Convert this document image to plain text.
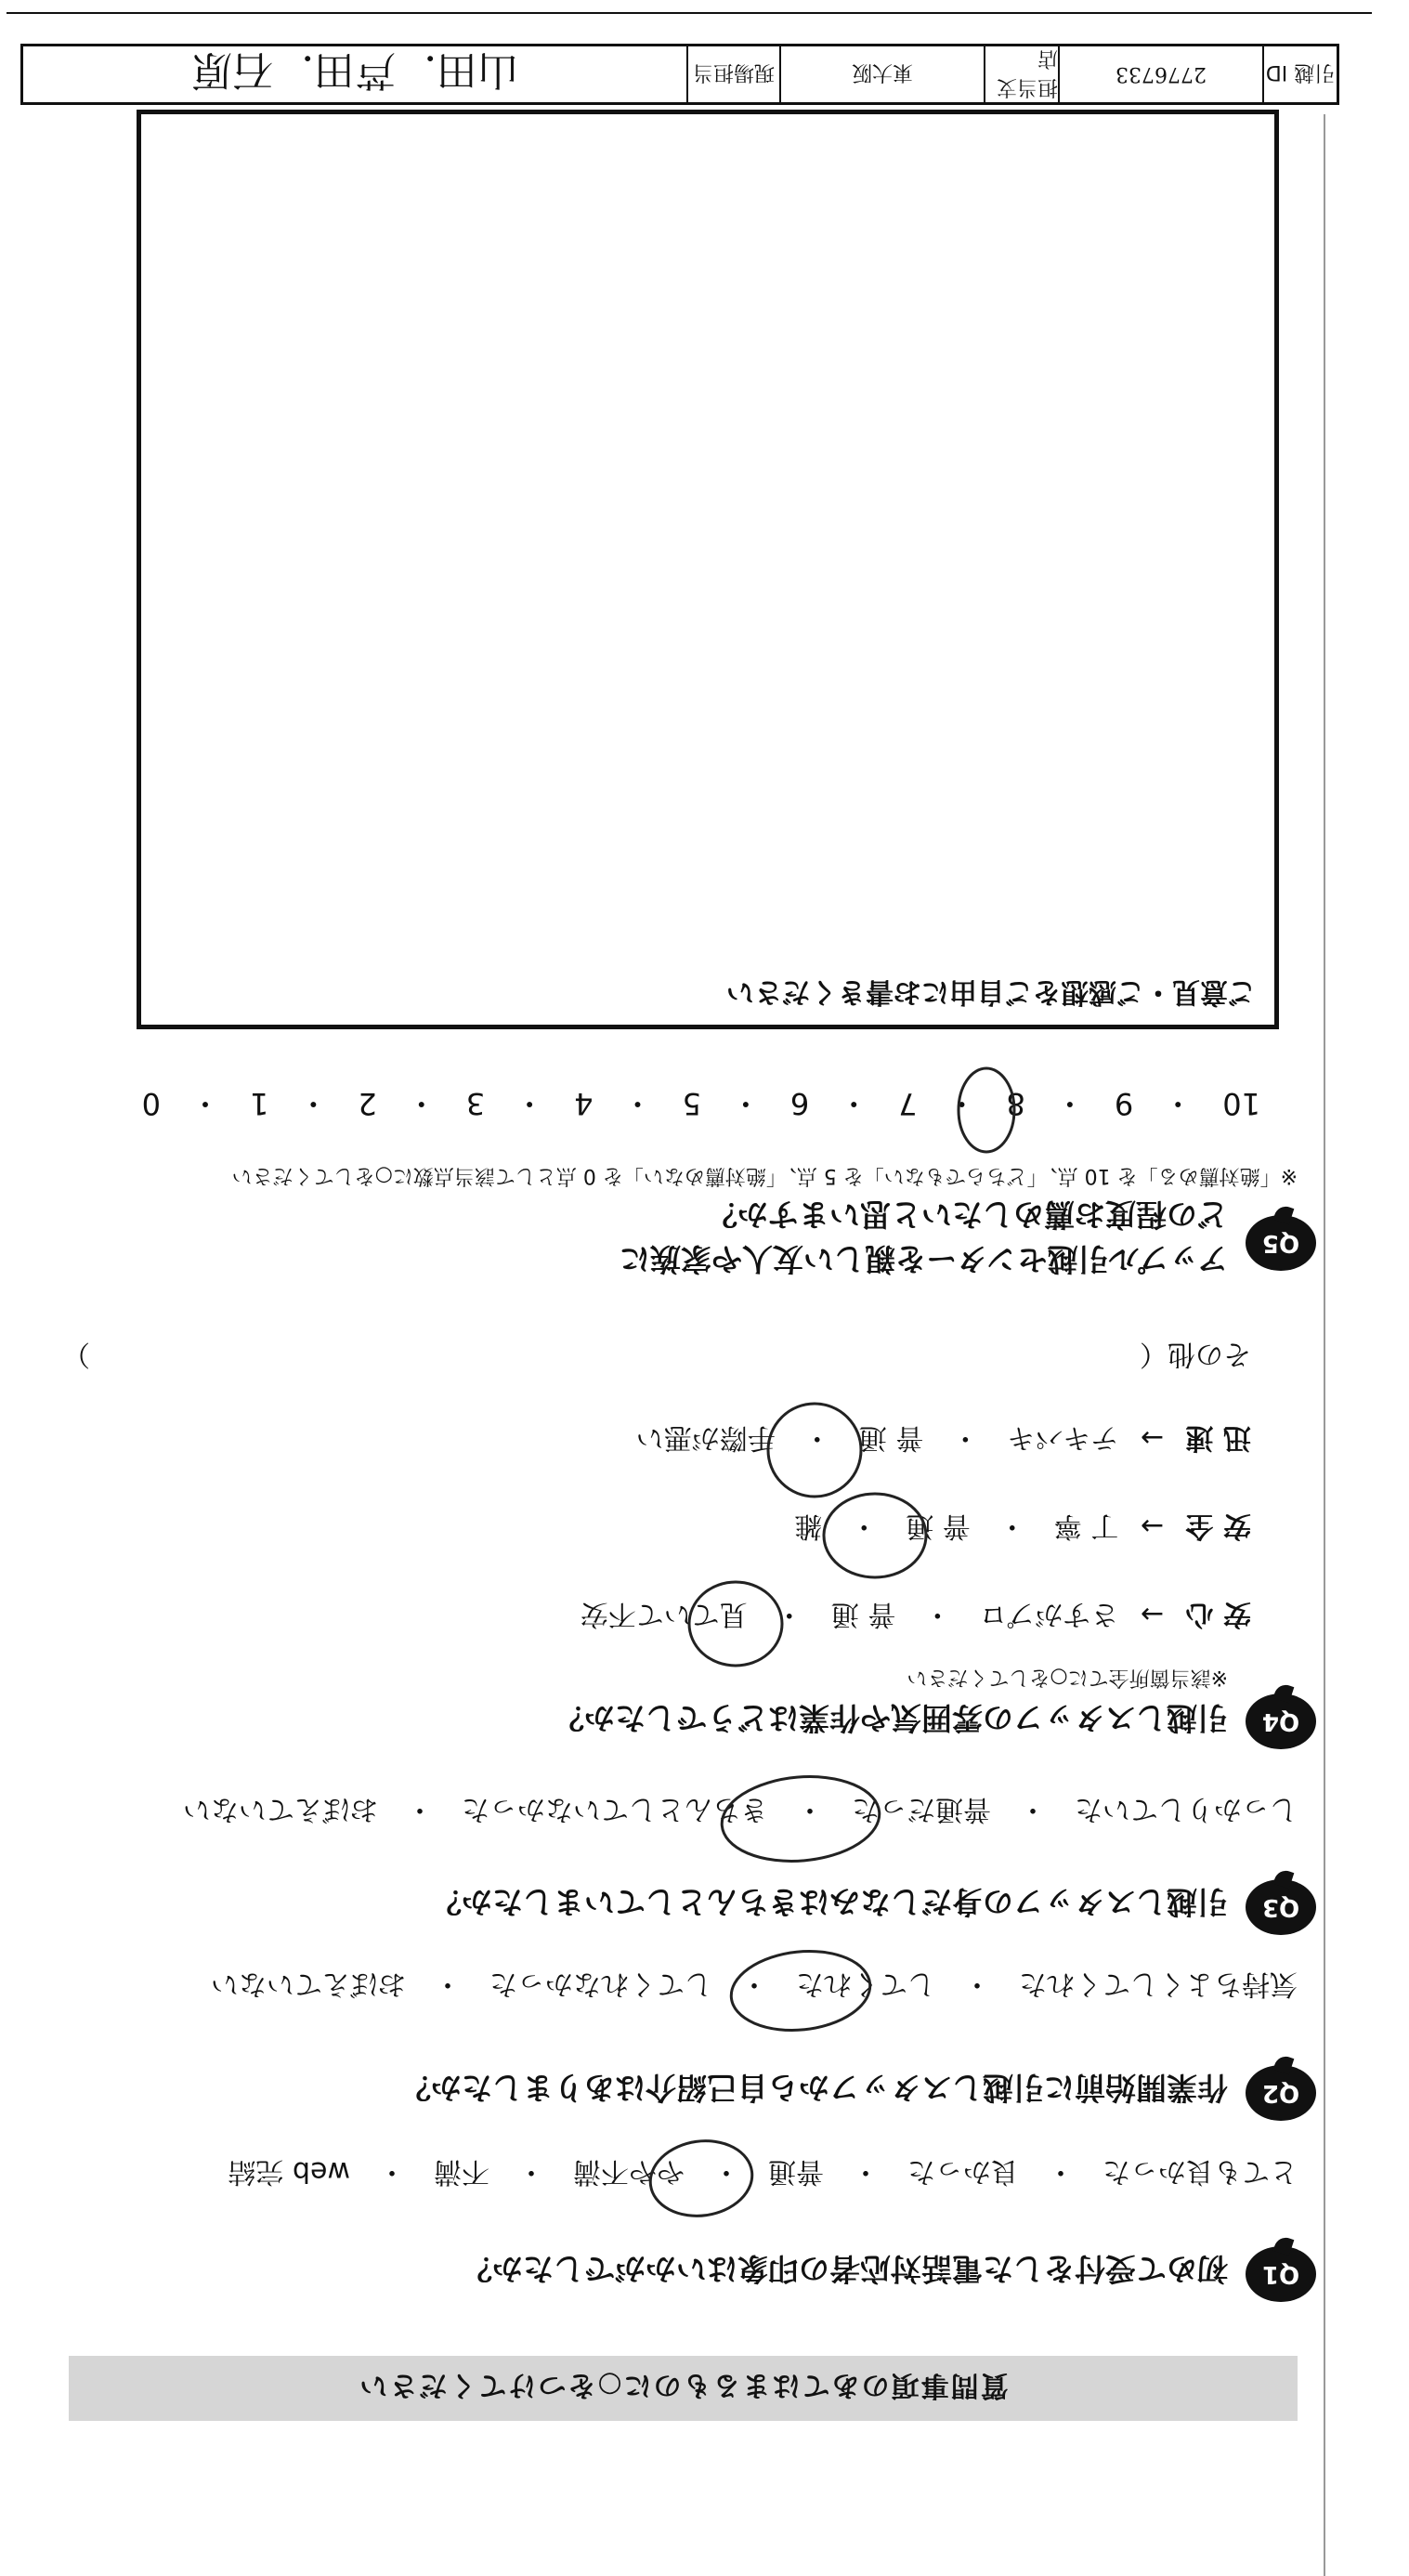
質問事項のあてはまるものに○をつけてください
Q1
初めて受付をした電話対応者の印象はいかがでしたか？
とても良かった　・　良かった　・　普通　・　やや不満　・　不満　・　web 完結
Q2
作業開始前に引越しスタッフから自己紹介はありましたか？
気持ちよくしてくれた　・　してくれた　・　してくれなかった　・　おぼえていない
Q3
引越しスタッフの身だしなみはきちんとしていましたか？
しっかりしていた　・　普通だった　・　きちんとしていなかった　・　おぼえていない
Q4
引越しスタッフの雰囲気や作業はどうでしたか？
※該当箇所全てに○をしてください
安 心 → さすがプロ　・　普 通　・　見ていて不安
安 全 → 丁 寧　・　普 通　・　雑
迅 速 → テキパキ　・　普 通　・　手際が悪い
その他（
）
Q5
アップル引越センターを親しい友人や家族に
どの程度お薦めしたいと思いますか？
※「絶対薦める」を 10 点、「どちらでもない」を 5 点、「絶対薦めない」を 0 点として該当点数に○をしてください
10　・　9　・　8　・　7　・　6　・　5　・　4　・　3　・　2　・　1　・　0
ご意見・ご感想をご自由にお書きください
引越 ID
2776733
担当支店
東大阪
現場担当
山田．芦田．石原
